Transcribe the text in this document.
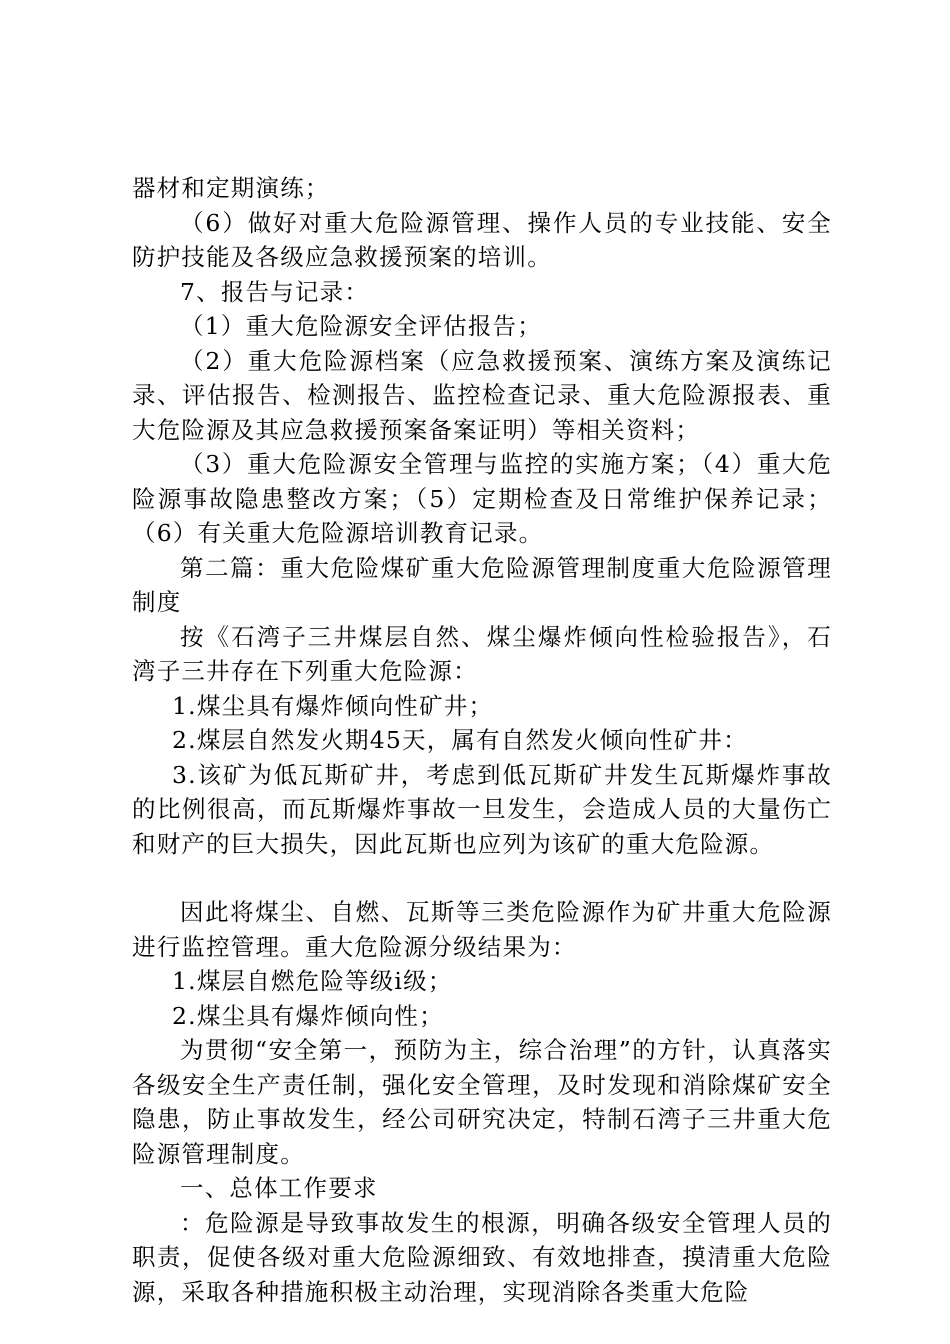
器材和定期演练；

（6）做好对重大危险源管理、操作人员的专业技能、安全防护技能及各级应急救援预案的培训。

7、报告与记录：

（1）重大危险源安全评估报告；

（2）重大危险源档案（应急救援预案、演练方案及演练记录、评估报告、检测报告、监控检查记录、重大危险源报表、重大危险源及其应急救援预案备案证明）等相关资料；

（3）重大危险源安全管理与监控的实施方案；（4）重大危险源事故隐患整改方案；（5）定期检查及日常维护保养记录；（6）有关重大危险源培训教育记录。

第二篇：重大危险煤矿重大危险源管理制度重大危险源管理制度

按《石湾子三井煤层自然、煤尘爆炸倾向性检验报告》，石湾子三井存在下列重大危险源：

1.煤尘具有爆炸倾向性矿井；

2.煤层自然发火期45天，属有自然发火倾向性矿井：

3.该矿为低瓦斯矿井，考虑到低瓦斯矿井发生瓦斯爆炸事故的比例很高，而瓦斯爆炸事故一旦发生，会造成人员的大量伤亡和财产的巨大损失，因此瓦斯也应列为该矿的重大危险源。

因此将煤尘、自燃、瓦斯等三类危险源作为矿井重大危险源进行监控管理。重大危险源分级结果为：

1.煤层自燃危险等级ⅰ级；

2.煤尘具有爆炸倾向性；

为贯彻“安全第一，预防为主，综合治理”的方针，认真落实各级安全生产责任制，强化安全管理，及时发现和消除煤矿安全隐患，防止事故发生，经公司研究决定，特制石湾子三井重大危险源管理制度。

一、总体工作要求

：危险源是导致事故发生的根源，明确各级安全管理人员的职责，促使各级对重大危险源细致、有效地排查，摸清重大危险源，采取各种措施积极主动治理，实现消除各类重大危险
